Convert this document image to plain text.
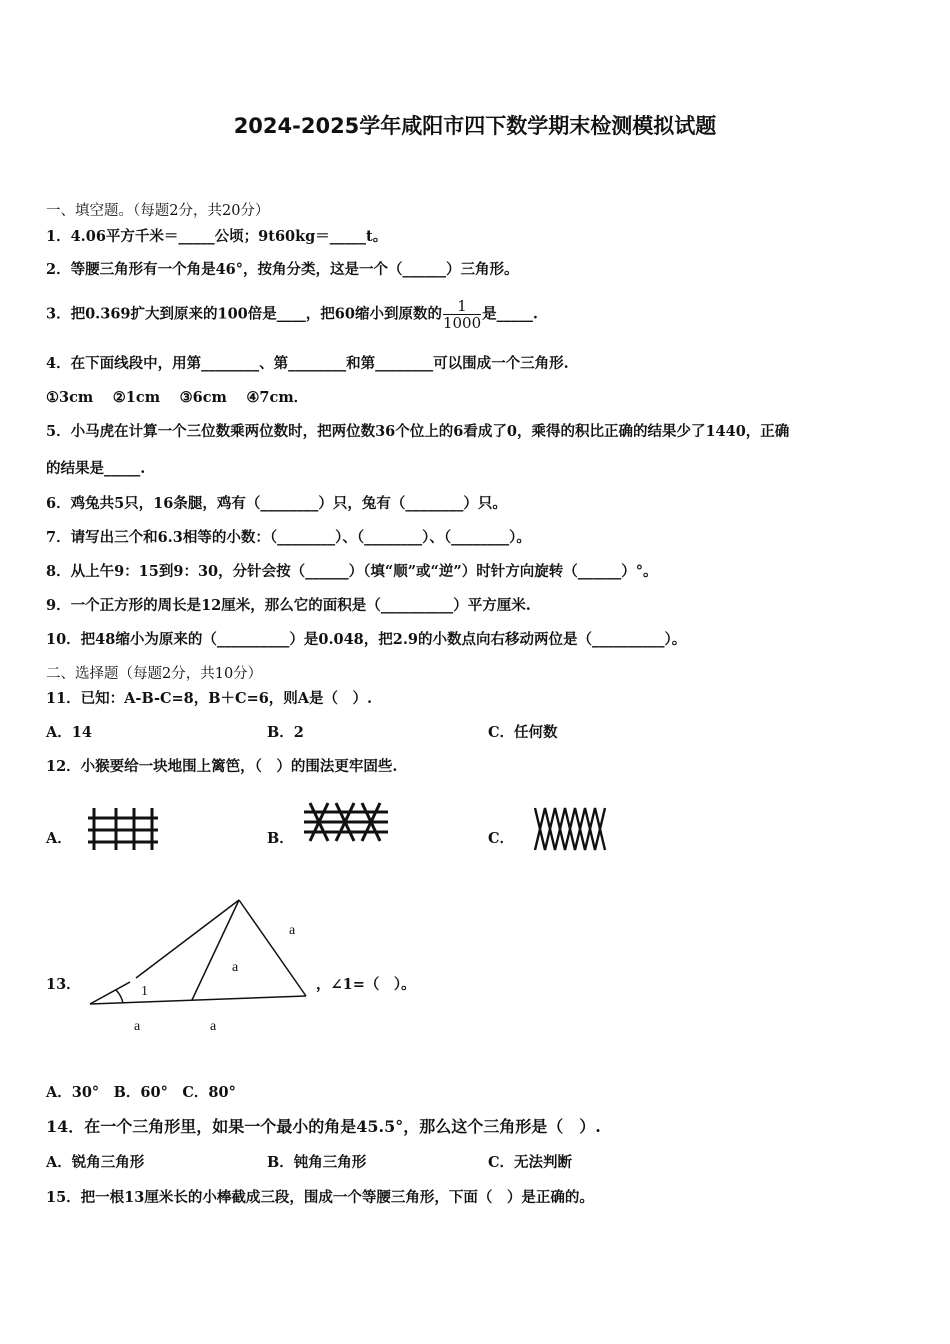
2024-2025学年咸阳市四下数学期末检测模拟试题
一、填空题。（每题2分，共20分）
1．4.06平方千米＝_____公顷；9t60kg＝_____t。
2．等腰三角形有一个角是46°，按角分类，这是一个（______）三角形。
3．把0.369扩大到原来的100倍是____，把60缩小到原数的 $\frac{1}{1000}$ 是_____.
4．在下面线段中，用第________、第________和第________可以围成一个三角形.
①3cm　 ②1cm　 ③6cm　 ④7cm．
5．小马虎在计算一个三位数乘两位数时，把两位数36个位上的6看成了0，乘得的积比正确的结果少了1440，正确
的结果是_____.
6．鸡兔共5只，16条腿，鸡有（________）只，兔有（________）只。
7．请写出三个和6.3相等的小数：（________）、（________）、（________）。
8．从上午9：15到9：30，分针会按（______）（填“顺”或“逆”）时针方向旋转（______）°。
9．一个正方形的周长是12厘米，那么它的面积是（__________）平方厘米.
10．把48缩小为原来的（__________）是0.048，把2.9的小数点向右移动两位是（__________）。
二、选择题（每题2分，共10分）
11．已知：A-B-C=8，B＋C=6，则A是（　）.
A．14	B．2	C．任何数
12．小猴要给一块地围上篱笆，（　）的围法更牢固些.
A．	B．	C．
13．
a
a
a	a
1	，∠1=（　）。
A．30°　B．60°　C．80°
14．在一个三角形里，如果一个最小的角是45.5°，那么这个三角形是（　）.
A．锐角三角形	B．钝角三角形	C．无法判断
15．把一根13厘米长的小棒截成三段，围成一个等腰三角形，下面（　）是正确的。
